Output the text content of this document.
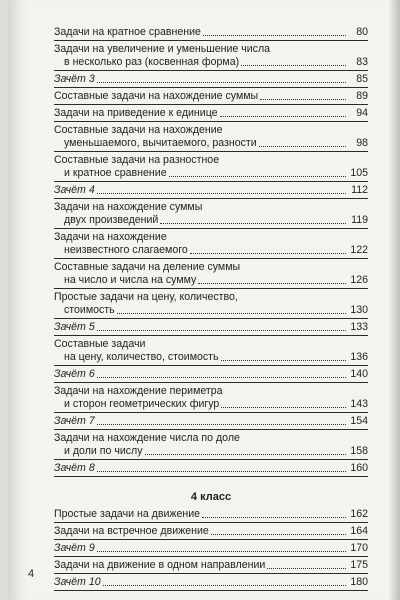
Задачи на кратное сравнение	80
Задачи на увеличение и уменьшение числа
в несколько раз (косвенная форма)	83
Зачёт 3	85
Составные задачи на нахождение суммы	89
Задачи на приведение к единице	94
Составные задачи на нахождение
уменьшаемого, вычитаемого, разности	98
Составные задачи на разностное
и кратное сравнение	105
Зачёт 4	112
Задачи на нахождение суммы
двух произведений	119
Задачи на нахождение
неизвестного слагаемого	122
Составные задачи на деление суммы
на число и числа на сумму	126
Простые задачи на цену, количество,
стоимость	130
Зачёт 5	133
Составные задачи
на цену, количество, стоимость	136
Зачёт 6	140
Задачи на нахождение периметра
и сторон геометрических фигур	143
Зачёт 7	154
Задачи на нахождение числа по доле
и доли по числу	158
Зачёт 8	160
4 класс
Простые задачи на движение	162
Задачи на встречное движение	164
Зачёт 9	170
Задачи на движение в одном направлении	175
Зачёт 10	180
4
